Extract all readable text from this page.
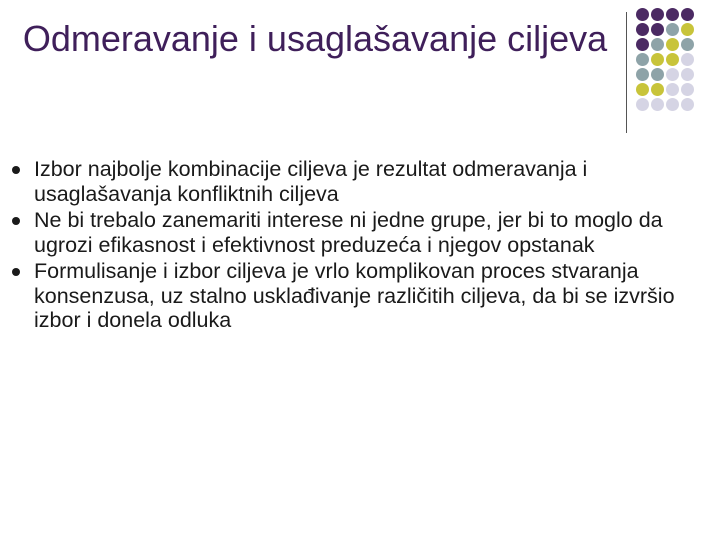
Odmeravanje i usaglašavanje ciljeva
Izbor najbolje kombinacije ciljeva je rezultat odmeravanja i usaglašavanja konfliktnih ciljeva
Ne bi trebalo zanemariti interese ni jedne grupe, jer bi to moglo da ugrozi efikasnost i efektivnost preduzeća i njegov opstanak
Formulisanje i izbor ciljeva je vrlo komplikovan proces stvaranja konsenzusa, uz stalno usklađivanje različitih ciljeva, da bi se izvršio izbor i donela odluka
